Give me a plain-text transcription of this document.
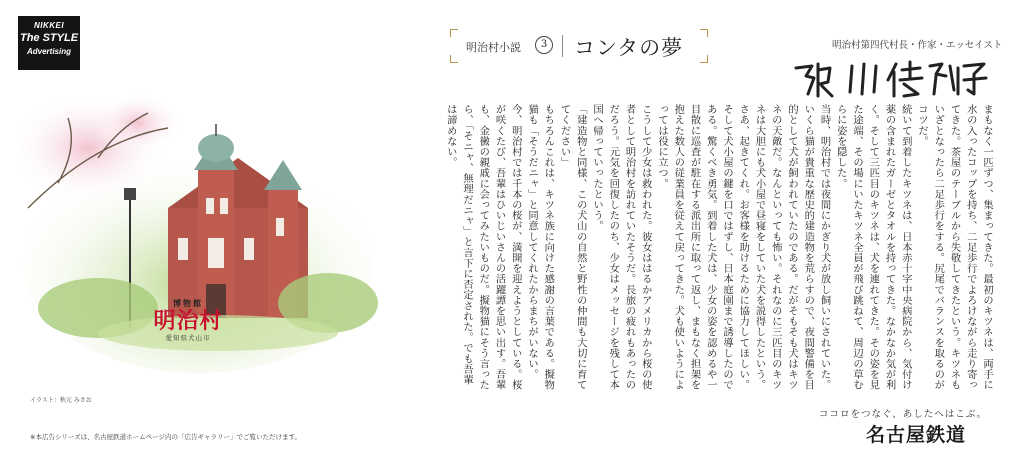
NIKKEI
The STYLE
Advertising	明治村小説	3 コンタの夢	明治村第四代村長・作家・エッセイスト
博物館
明治村
愛知県犬山市
イラスト：秋元 みさお

まもなく一匹ずつ、集まってきた。最初のキツネは、両手に水の入ったコップを持ち、二足歩行でよろけながら走り寄ってきた。茶屋のテーブルから失敬してきたという。キツネもいざとなったら二足歩行をする。尻尾でバランスを取るのがコツだ。

続いて到着したキツネは、日本赤十字中央病院から、気付け薬の含まれたガーゼとタオルを持ってきた。なかなか気が利く。そして三匹目のキツネは、犬を連れてきた。その姿を見た途端、その場にいたキツネ全員が飛び跳ねて、周辺の草むらに姿を隠した。

当時、明治村では夜間にかぎり犬が放し飼いにされていた。いくら猫が貴重な歴史的建造物を荒らすので、夜間警備を目的として犬が飼われていたのである。だがそもそも犬はキツネの天敵だ。なんといっても怖い。それなのに三匹目のキツネは大胆にも犬小屋で昼寝をしていた犬を説得したという。さあ、起きてくれ。お客様を助けるために協力してほしい。そして犬小屋の鍵を口ではずし、日本庭園まで誘導したのである。驚くべき勇気。到着した犬は、少女の姿を認めるや一目散に巡査が駐在する派出所に取って返し、まもなく担架を抱えた数人の従業員を従えて戻ってきた。犬も使いようによっては役に立つ。

こうして少女は救われた。彼女ははるかアメリカから桜の使者として明治村を訪れていたそうだ。長旅の疲れもあったのだろう。元気を回復したのち、少女はメッセージを残して本国へ帰っていったという。

「建造物と同様、この犬山の自然と野性の仲間も大切に育ててください」

もちろんこれは、キツネ族に向けた感謝の言葉である。擬物猫も「そうだニャ」と同意してくれたからまちがいない。

今、明治村では千本の桜が、満開を迎えようとしている。桜が咲くたび、吾輩はひいじいさんの活躍譚を思い出す。吾輩も、金黴の親戚に会ってみたいものだ。擬物猫にそう言ったら、「そニャ、無理だニャ」と言下に否定された。でも吾輩は諦めない。

ココロをつなぐ、あしたへはこぶ。
名古屋鉄道
※本広告シリーズは、名古屋鉄道ホームページ内の「広告ギャラリー」でご覧いただけます。
